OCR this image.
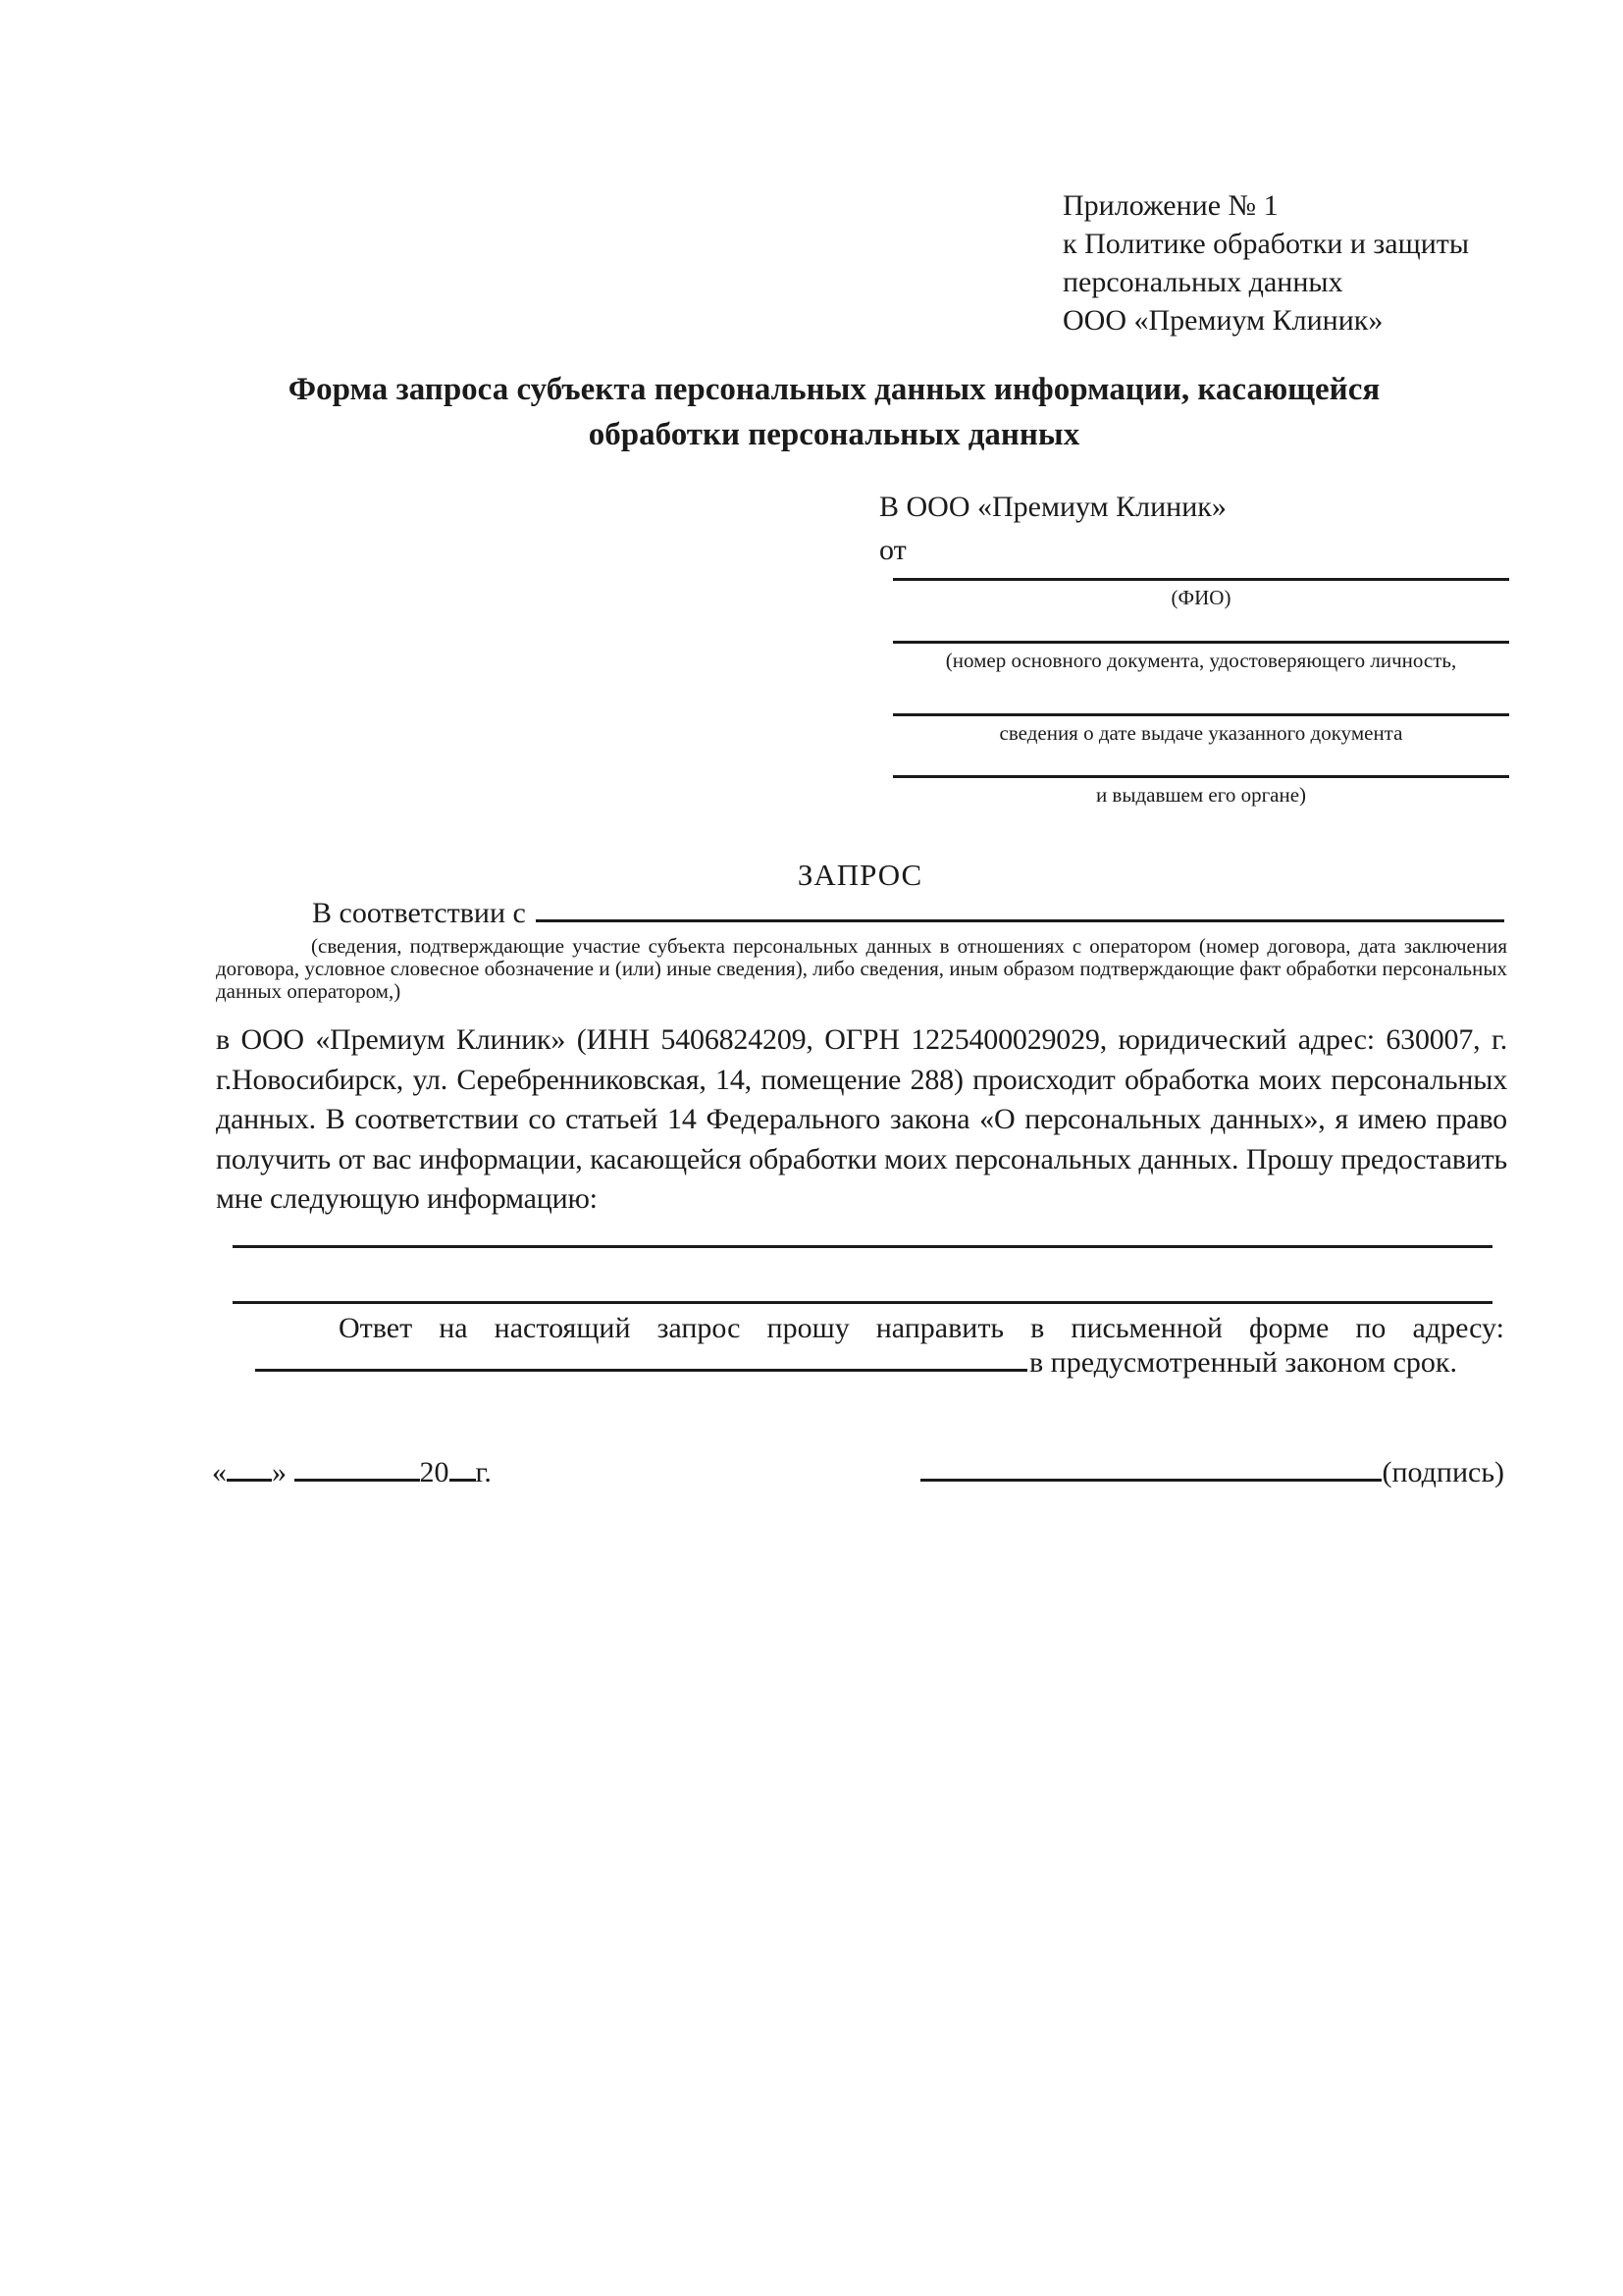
Приложение № 1
к Политике обработки и защиты
персональных данных
ООО «Премиум Клиник»
Форма запроса субъекта персональных данных информации, касающейся обработки персональных данных
В ООО «Премиум Клиник»
от
(ФИО)
(номер основного документа, удостоверяющего личность,
сведения о дате выдаче указанного документа
и выдавшем его органе)
ЗАПРОС
В соответствии с
(сведения, подтверждающие участие субъекта персональных данных в отношениях с оператором (номер договора, дата заключения договора, условное словесное обозначение и (или) иные сведения), либо сведения, иным образом подтверждающие факт обработки персональных данных оператором,)
в ООО «Премиум Клиник» (ИНН 5406824209, ОГРН 1225400029029, юридический адрес: 630007, г. г.Новосибирск, ул. Серебренниковская, 14, помещение 288) происходит обработка моих персональных данных. В соответствии со статьей 14 Федерального закона «О персональных данных», я имею право получить от вас информации, касающейся обработки моих персональных данных. Прошу предоставить мне следующую информацию:
Ответ на настоящий запрос прошу направить в письменной форме по адресу:
в предусмотренный законом срок.
« »	20 г.	(подпись)
